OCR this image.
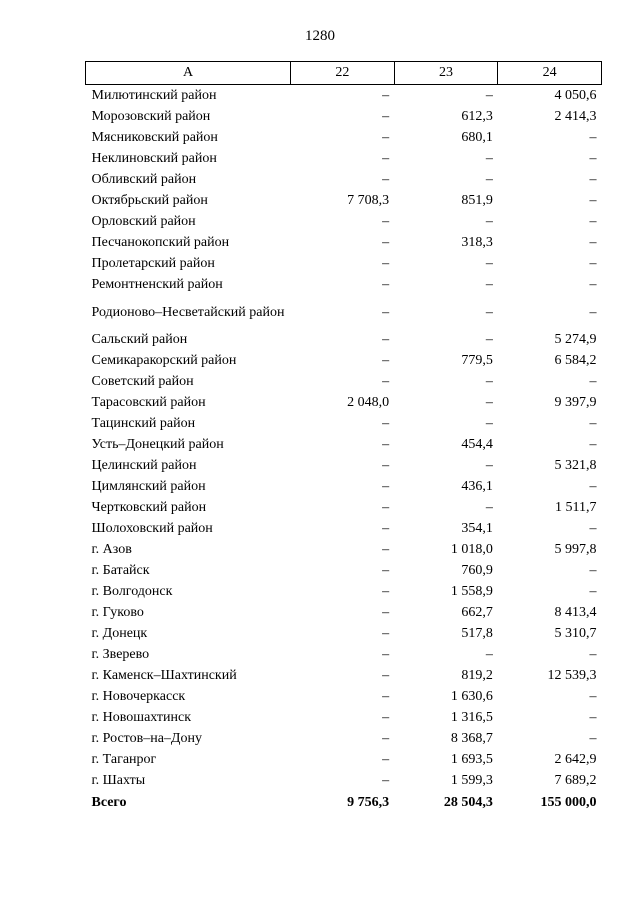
1280
А	22	23	24
Милютинский район	–	–	4 050,6
Морозовский район	–	612,3	2 414,3
Мясниковский район	–	680,1	–
Неклиновский район	–	–	–
Обливский район	–	–	–
Октябрьский район	7 708,3	851,9	–
Орловский район	–	–	–
Песчанокопский район	–	318,3	–
Пролетарский район	–	–	–
Ремонтненский район	–	–	–
Родионово–Несветайский район	–	–	–
Сальский район	–	–	5 274,9
Семикаракорский район	–	779,5	6 584,2
Советский район	–	–	–
Тарасовский район	2 048,0	–	9 397,9
Тацинский район	–	–	–
Усть–Донецкий район	–	454,4	–
Целинский район	–	–	5 321,8
Цимлянский район	–	436,1	–
Чертковский район	–	–	1 511,7
Шолоховский район	–	354,1	–
г. Азов	–	1 018,0	5 997,8
г. Батайск	–	760,9	–
г. Волгодонск	–	1 558,9	–
г. Гуково	–	662,7	8 413,4
г. Донецк	–	517,8	5 310,7
г. Зверево	–	–	–
г. Каменск–Шахтинский	–	819,2	12 539,3
г. Новочеркасск	–	1 630,6	–
г. Новошахтинск	–	1 316,5	–
г. Ростов–на–Дону	–	8 368,7	–
г. Таганрог	–	1 693,5	2 642,9
г. Шахты	–	1 599,3	7 689,2
Всего	9 756,3	28 504,3	155 000,0
